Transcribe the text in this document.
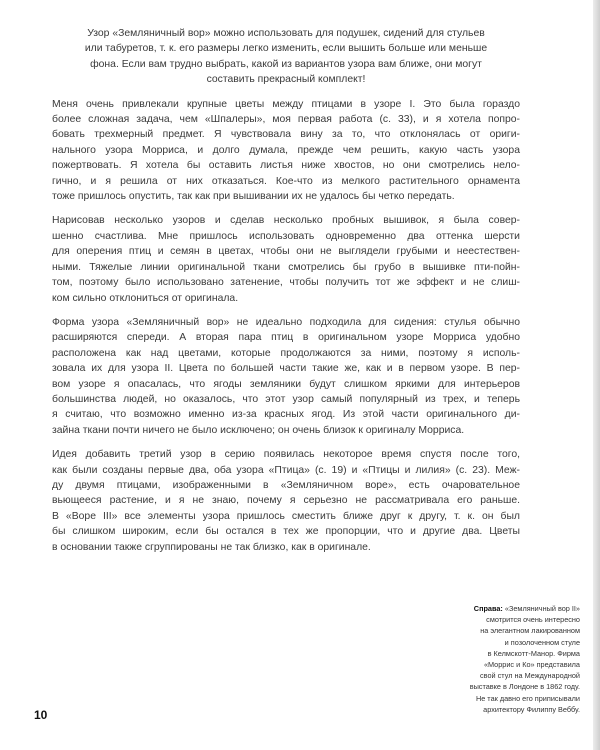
Узор «Земляничный вор» можно использовать для подушек, сидений для стульев
или табуретов, т. к. его размеры легко изменить, если вышить больше или меньше
фона. Если вам трудно выбрать, какой из вариантов узора вам ближе, они могут
составить прекрасный комплект!

Меня очень привлекали крупные цветы между птицами в узоре I. Это была гораздо
более сложная задача, чем «Шпалеры», моя первая работа (с. 33), и я хотела попро-
бовать трехмерный предмет. Я чувствовала вину за то, что отклонялась от ориги-
нального узора Морриса, и долго думала, прежде чем решить, какую часть узора
пожертвовать. Я хотела бы оставить листья ниже хвостов, но они смотрелись нело-
гично, и я решила от них отказаться. Кое-что из мелкого растительного орнамента
тоже пришлось опустить, так как при вышивании их не удалось бы четко передать.

Нарисовав несколько узоров и сделав несколько пробных вышивок, я была совер-
шенно счастлива. Мне пришлось использовать одновременно два оттенка шерсти
для оперения птиц и семян в цветах, чтобы они не выглядели грубыми и неестествен-
ными. Тяжелые линии оригинальной ткани смотрелись бы грубо в вышивке пти-пойн-
том, поэтому было использовано затенение, чтобы получить тот же эффект и не слиш-
ком сильно отклониться от оригинала.

Форма узора «Земляничный вор» не идеально подходила для сидения: стулья обычно
расширяются спереди. А вторая пара птиц в оригинальном узоре Морриса удобно
расположена как над цветами, которые продолжаются за ними, поэтому я исполь-
зовала их для узора II. Цвета по большей части такие же, как и в первом узоре. В пер-
вом узоре я опасалась, что ягоды земляники будут слишком яркими для интерьеров
большинства людей, но оказалось, что этот узор самый популярный из трех, и теперь
я считаю, что возможно именно из-за красных ягод. Из этой части оригинального ди-
зайна ткани почти ничего не было исключено; он очень близок к оригиналу Морриса.

Идея добавить третий узор в серию появилась некоторое время спустя после того,
как были созданы первые два, оба узора «Птица» (с. 19) и «Птицы и лилия» (с. 23). Меж-
ду двумя птицами, изображенными в «Земляничном воре», есть очаровательное
вьющееся растение, и я не знаю, почему я серьезно не рассматривала его раньше.
В «Воре III» все элементы узора пришлось сместить ближе друг к другу, т. к. он был
бы слишком широким, если бы остался в тех же пропорции, что и другие два. Цветы
в основании также сгруппированы не так близко, как в оригинале.

Справа: «Земляничный вор II»
смотрится очень интересно
на элегантном лакированном
и позолоченном стуле
в Келмскотт-Манор. Фирма
«Моррис и Ко» представила
свой стул на Международной
выставке в Лондоне в 1862 году.
Не так давно его приписывали
архитектору Филиппу Веббу.
10
